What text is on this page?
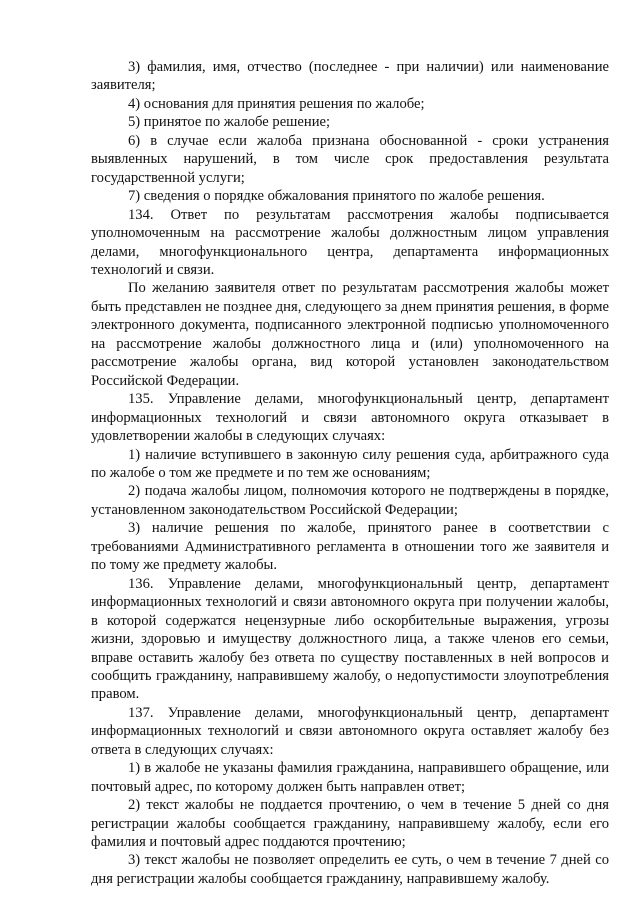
3) фамилия, имя, отчество (последнее - при наличии) или наименование заявителя;

4) основания для принятия решения по жалобе;

5) принятое по жалобе решение;

6) в случае если жалоба признана обоснованной - сроки устранения выявленных нарушений, в том числе срок предоставления результата государственной услуги;

7) сведения о порядке обжалования принятого по жалобе решения.

134. Ответ по результатам рассмотрения жалобы подписывается уполномоченным на рассмотрение жалобы должностным лицом управления делами, многофункционального центра, департамента информационных технологий и связи.

По желанию заявителя ответ по результатам рассмотрения жалобы может быть представлен не позднее дня, следующего за днем принятия решения, в форме электронного документа, подписанного электронной подписью уполномоченного на рассмотрение жалобы должностного лица и (или) уполномоченного на рассмотрение жалобы органа, вид которой установлен законодательством Российской Федерации.

135. Управление делами, многофункциональный центр, департамент информационных технологий и связи автономного округа отказывает в удовлетворении жалобы в следующих случаях:

1) наличие вступившего в законную силу решения суда, арбитражного суда по жалобе о том же предмете и по тем же основаниям;

2) подача жалобы лицом, полномочия которого не подтверждены в порядке, установленном законодательством Российской Федерации;

3) наличие решения по жалобе, принятого ранее в соответствии с требованиями Административного регламента в отношении того же заявителя и по тому же предмету жалобы.

136. Управление делами, многофункциональный центр, департамент информационных технологий и связи автономного округа при получении жалобы, в которой содержатся нецензурные либо оскорбительные выражения, угрозы жизни, здоровью и имуществу должностного лица, а также членов его семьи, вправе оставить жалобу без ответа по существу поставленных в ней вопросов и сообщить гражданину, направившему жалобу, о недопустимости злоупотребления правом.

137. Управление делами, многофункциональный центр, департамент информационных технологий и связи автономного округа оставляет жалобу без ответа в следующих случаях:

1) в жалобе не указаны фамилия гражданина, направившего обращение, или почтовый адрес, по которому должен быть направлен ответ;

2) текст жалобы не поддается прочтению, о чем в течение 5 дней со дня регистрации жалобы сообщается гражданину, направившему жалобу, если его фамилия и почтовый адрес поддаются прочтению;

3) текст жалобы не позволяет определить ее суть, о чем в течение 7 дней со дня регистрации жалобы сообщается гражданину, направившему жалобу.
